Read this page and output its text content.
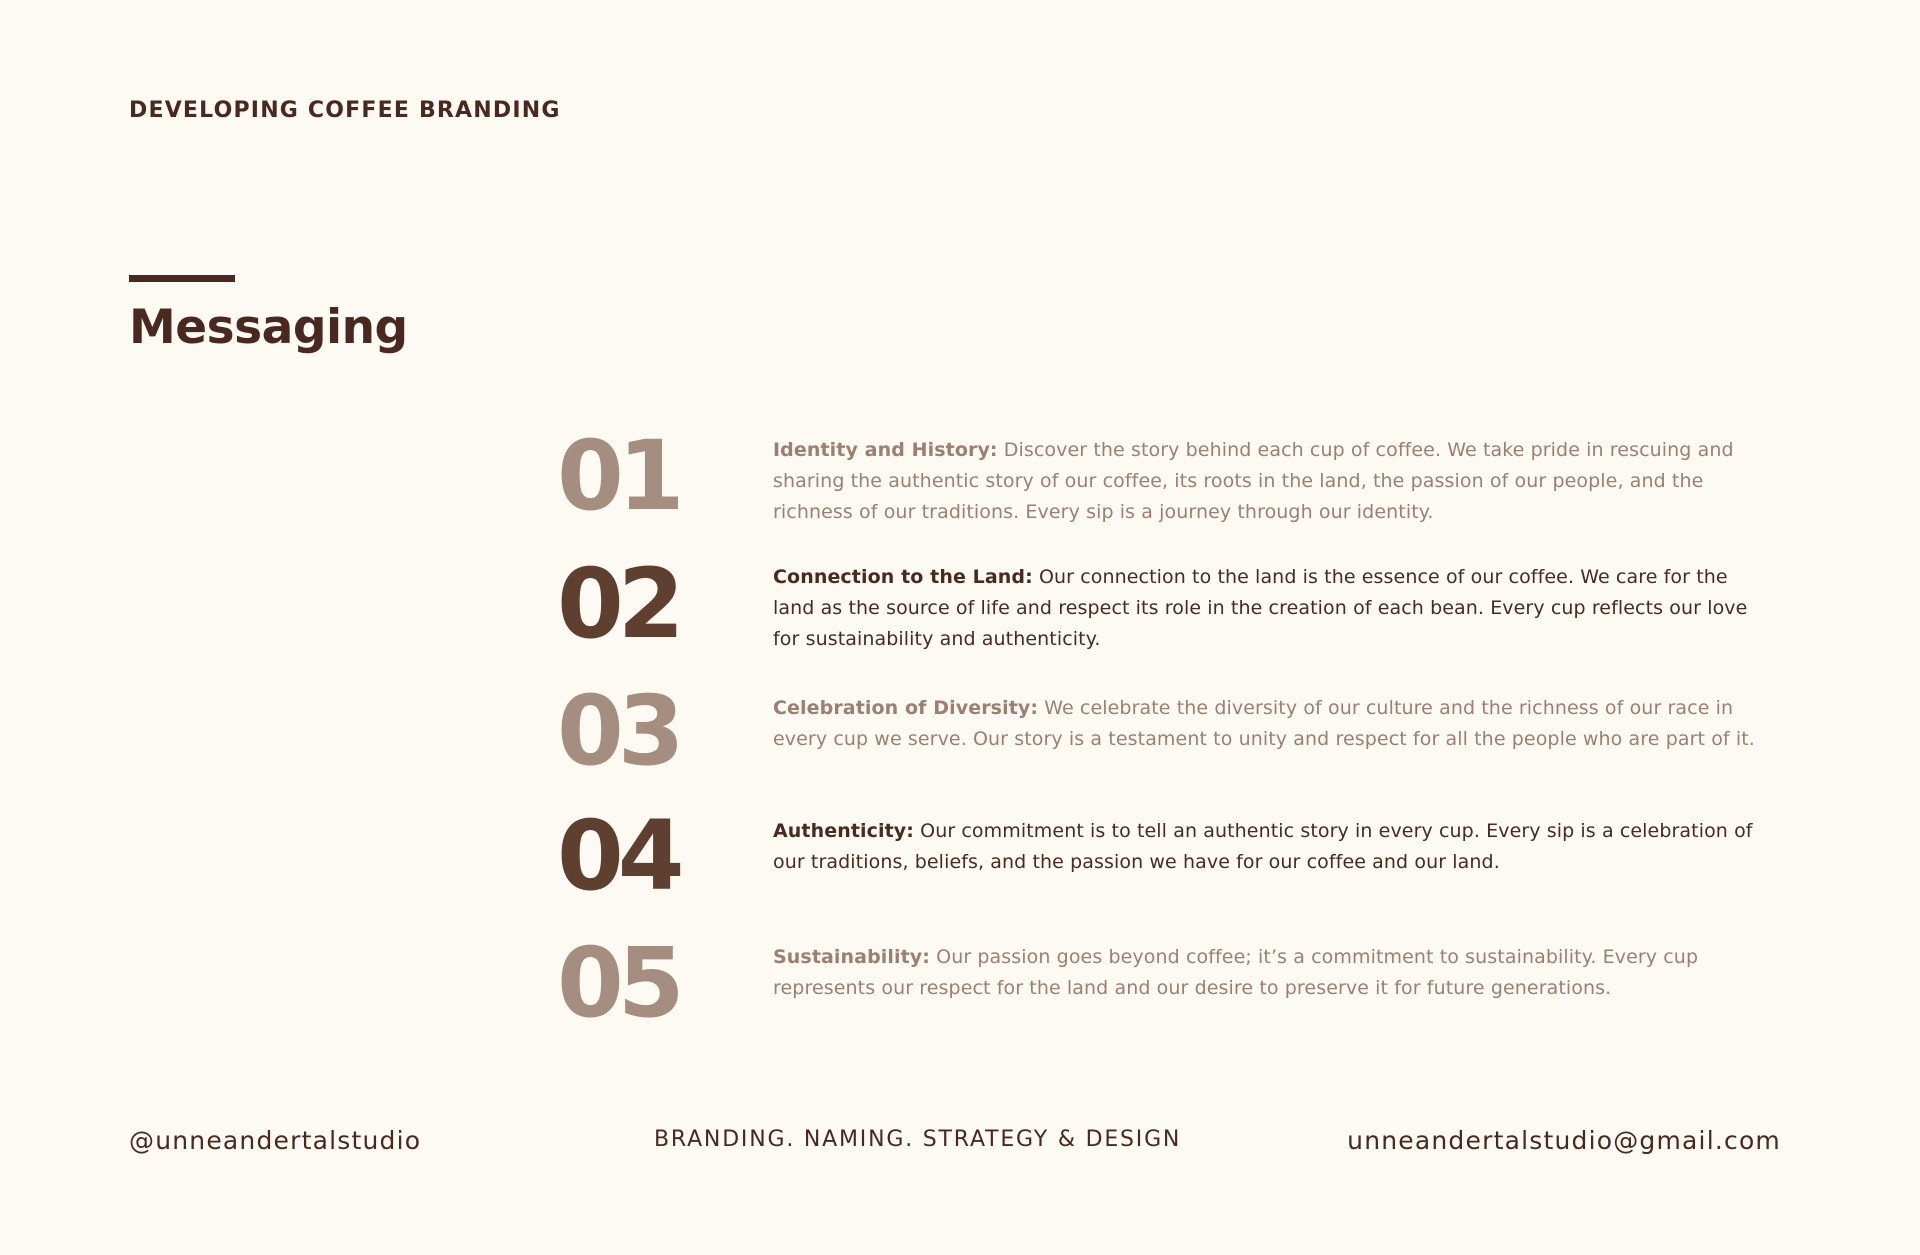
DEVELOPING COFFEE BRANDING
Messaging
01	Identity and History: Discover the story behind each cup of coffee. We take pride in rescuing and sharing the authentic story of our coffee, its roots in the land, the passion of our people, and the richness of our traditions. Every sip is a journey through our identity.

02	Connection to the Land: Our connection to the land is the essence of our coffee. We care for the land as the source of life and respect its role in the creation of each bean. Every cup reflects our love for sustainability and authenticity.

03	Celebration of Diversity: We celebrate the diversity of our culture and the richness of our race in every cup we serve. Our story is a testament to unity and respect for all the people who are part of it.

04	Authenticity: Our commitment is to tell an authentic story in every cup. Every sip is a celebration of our traditions, beliefs, and the passion we have for our coffee and our land.

05	Sustainability: Our passion goes beyond coffee; it’s a commitment to sustainability. Every cup represents our respect for the land and our desire to preserve it for future generations.

@unneandertalstudio	BRANDING. NAMING. STRATEGY & DESIGN	unneandertalstudio@gmail.com
